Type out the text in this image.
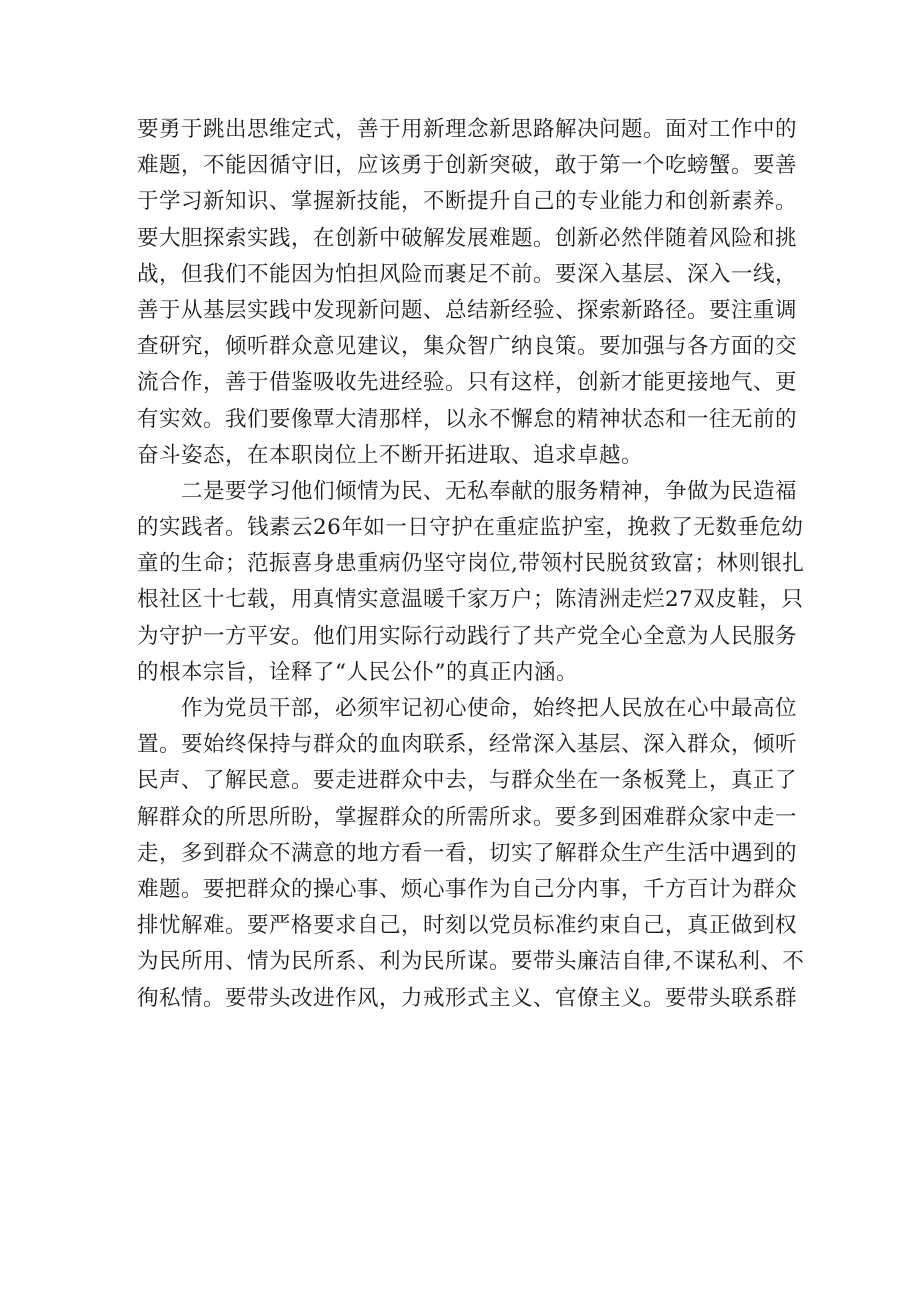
要勇于跳出思维定式，善于用新理念新思路解决问题。面对工作中的
难题，不能因循守旧，应该勇于创新突破，敢于第一个吃螃蟹。要善
于学习新知识、掌握新技能，不断提升自己的专业能力和创新素养。
要大胆探索实践，在创新中破解发展难题。创新必然伴随着风险和挑
战，但我们不能因为怕担风险而裹足不前。要深入基层、深入一线，
善于从基层实践中发现新问题、总结新经验、探索新路径。要注重调
查研究，倾听群众意见建议，集众智广纳良策。要加强与各方面的交
流合作，善于借鉴吸收先进经验。只有这样，创新才能更接地气、更
有实效。我们要像覃大清那样，以永不懈怠的精神状态和一往无前的
奋斗姿态，在本职岗位上不断开拓进取、追求卓越。
二是要学习他们倾情为民、无私奉献的服务精神，争做为民造福
的实践者。钱素云26年如一日守护在重症监护室，挽救了无数垂危幼
童的生命；范振喜身患重病仍坚守岗位,带领村民脱贫致富；林则银扎
根社区十七载，用真情实意温暖千家万户；陈清洲走烂27双皮鞋，只
为守护一方平安。他们用实际行动践行了共产党全心全意为人民服务
的根本宗旨，诠释了“人民公仆”的真正内涵。
作为党员干部，必须牢记初心使命，始终把人民放在心中最高位
置。要始终保持与群众的血肉联系，经常深入基层、深入群众，倾听
民声、了解民意。要走进群众中去，与群众坐在一条板凳上，真正了
解群众的所思所盼，掌握群众的所需所求。要多到困难群众家中走一
走，多到群众不满意的地方看一看，切实了解群众生产生活中遇到的
难题。要把群众的操心事、烦心事作为自己分内事，千方百计为群众
排忧解难。要严格要求自己，时刻以党员标准约束自己，真正做到权
为民所用、情为民所系、利为民所谋。要带头廉洁自律,不谋私利、不
徇私情。要带头改进作风，力戒形式主义、官僚主义。要带头联系群
